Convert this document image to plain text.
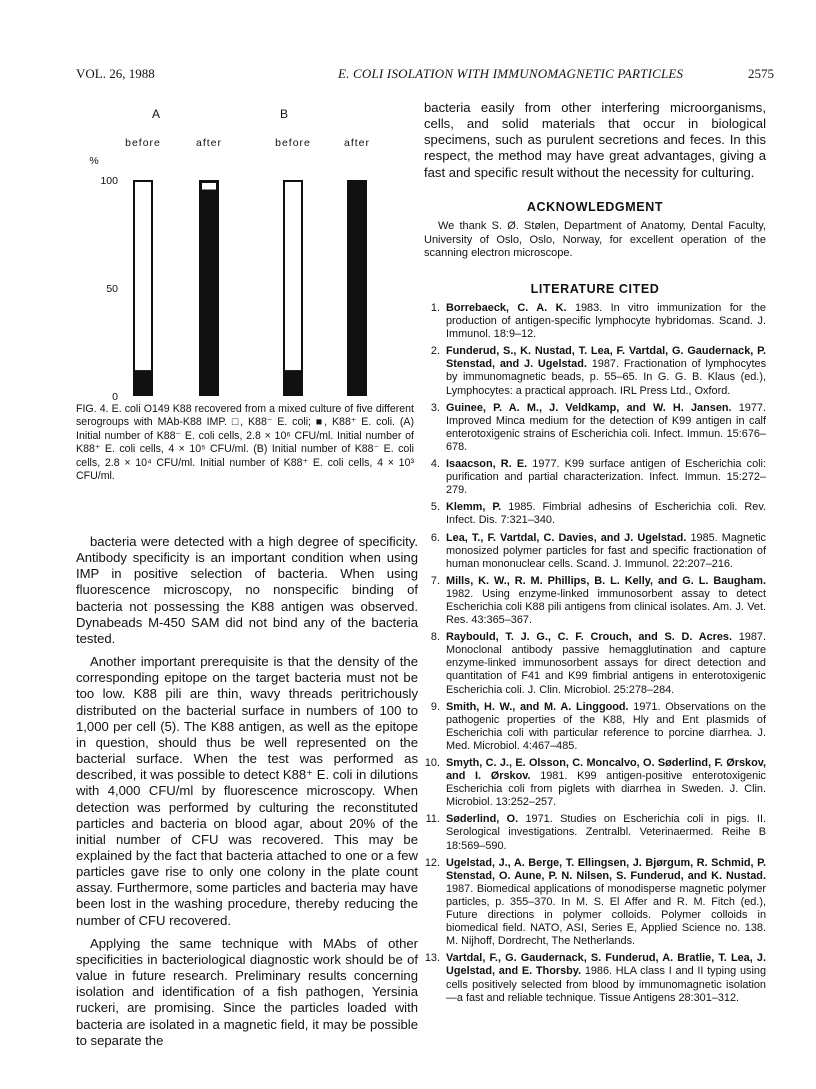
VOL. 26, 1988	E. COLI ISOLATION WITH IMMUNOMAGNETIC PARTICLES	2575
A	B
before	after	before	after
%
0
50
100
FIG. 4. E. coli O149 K88 recovered from a mixed culture of five different serogroups with MAb-K88 IMP. □, K88⁻ E. coli; ■, K88⁺ E. coli. (A) Initial number of K88⁻ E. coli cells, 2.8 × 10⁶ CFU/ml. Initial number of K88⁺ E. coli cells, 4 × 10⁵ CFU/ml. (B) Initial number of K88⁻ E. coli cells, 2.8 × 10⁴ CFU/ml. Initial number of K88⁺ E. coli cells, 4 × 10³ CFU/ml.

bacteria were detected with a high degree of specificity. Antibody specificity is an important condition when using IMP in positive selection of bacteria. When using fluorescence microscopy, no nonspecific binding of bacteria not possessing the K88 antigen was observed. Dynabeads M-450 SAM did not bind any of the bacteria tested.

Another important prerequisite is that the density of the corresponding epitope on the target bacteria must not be too low. K88 pili are thin, wavy threads peritrichously distributed on the bacterial surface in numbers of 100 to 1,000 per cell (5). The K88 antigen, as well as the epitope in question, should thus be well represented on the bacterial surface. When the test was performed as described, it was possible to detect K88⁺ E. coli in dilutions with 4,000 CFU/ml by fluorescence microscopy. When detection was performed by culturing the reconstituted particles and bacteria on blood agar, about 20% of the initial number of CFU was recovered. This may be explained by the fact that bacteria attached to one or a few particles gave rise to only one colony in the plate count assay. Furthermore, some particles and bacteria may have been lost in the washing procedure, thereby reducing the number of CFU recovered.

Applying the same technique with MAbs of other specificities in bacteriological diagnostic work should be of value in future research. Preliminary results concerning isolation and identification of a fish pathogen, Yersinia ruckeri, are promising. Since the particles loaded with bacteria are isolated in a magnetic field, it may be possible to separate the

bacteria easily from other interfering microorganisms, cells, and solid materials that occur in biological specimens, such as purulent secretions and feces. In this respect, the method may have great advantages, giving a fast and specific result without the necessity for culturing.

ACKNOWLEDGMENT
We thank S. Ø. Stølen, Department of Anatomy, Dental Faculty, University of Oslo, Oslo, Norway, for excellent operation of the scanning electron microscope.
LITERATURE CITED
1. Borrebaeck, C. A. K. 1983. In vitro immunization for the production of antigen-specific lymphocyte hybridomas. Scand. J. Immunol. 18:9–12.
2. Funderud, S., K. Nustad, T. Lea, F. Vartdal, G. Gaudernack, P. Stenstad, and J. Ugelstad. 1987. Fractionation of lymphocytes by immunomagnetic beads, p. 55–65. In G. G. B. Klaus (ed.), Lymphocytes: a practical approach. IRL Press Ltd., Oxford.
3. Guinee, P. A. M., J. Veldkamp, and W. H. Jansen. 1977. Improved Minca medium for the detection of K99 antigen in calf enterotoxigenic strains of Escherichia coli. Infect. Immun. 15:676–678.
4. Isaacson, R. E. 1977. K99 surface antigen of Escherichia coli: purification and partial characterization. Infect. Immun. 15:272–279.
5. Klemm, P. 1985. Fimbrial adhesins of Escherichia coli. Rev. Infect. Dis. 7:321–340.
6. Lea, T., F. Vartdal, C. Davies, and J. Ugelstad. 1985. Magnetic monosized polymer particles for fast and specific fractionation of human mononuclear cells. Scand. J. Immunol. 22:207–216.
7. Mills, K. W., R. M. Phillips, B. L. Kelly, and G. L. Baugham. 1982. Using enzyme-linked immunosorbent assay to detect Escherichia coli K88 pili antigens from clinical isolates. Am. J. Vet. Res. 43:365–367.
8. Raybould, T. J. G., C. F. Crouch, and S. D. Acres. 1987. Monoclonal antibody passive hemagglutination and capture enzyme-linked immunosorbent assays for direct detection and quantitation of F41 and K99 fimbrial antigens in enterotoxigenic Escherichia coli. J. Clin. Microbiol. 25:278–284.
9. Smith, H. W., and M. A. Linggood. 1971. Observations on the pathogenic properties of the K88, Hly and Ent plasmids of Escherichia coli with particular reference to porcine diarrhea. J. Med. Microbiol. 4:467–485.
10. Smyth, C. J., E. Olsson, C. Moncalvo, O. Søderlind, F. Ørskov, and I. Ørskov. 1981. K99 antigen-positive enterotoxigenic Escherichia coli from piglets with diarrhea in Sweden. J. Clin. Microbiol. 13:252–257.
11. Søderlind, O. 1971. Studies on Escherichia coli in pigs. II. Serological investigations. Zentralbl. Veterinaermed. Reihe B 18:569–590.
12. Ugelstad, J., A. Berge, T. Ellingsen, J. Bjørgum, R. Schmid, P. Stenstad, O. Aune, P. N. Nilsen, S. Funderud, and K. Nustad. 1987. Biomedical applications of monodisperse magnetic polymer particles, p. 355–370. In M. S. El Affer and R. M. Fitch (ed.), Future directions in polymer colloids. Polymer colloids in biomedical field. NATO, ASI, Series E, Applied Science no. 138. M. Nijhoff, Dordrecht, The Netherlands.
13. Vartdal, F., G. Gaudernack, S. Funderud, A. Bratlie, T. Lea, J. Ugelstad, and E. Thorsby. 1986. HLA class I and II typing using cells positively selected from blood by immunomagnetic isolation—a fast and reliable technique. Tissue Antigens 28:301–312.
